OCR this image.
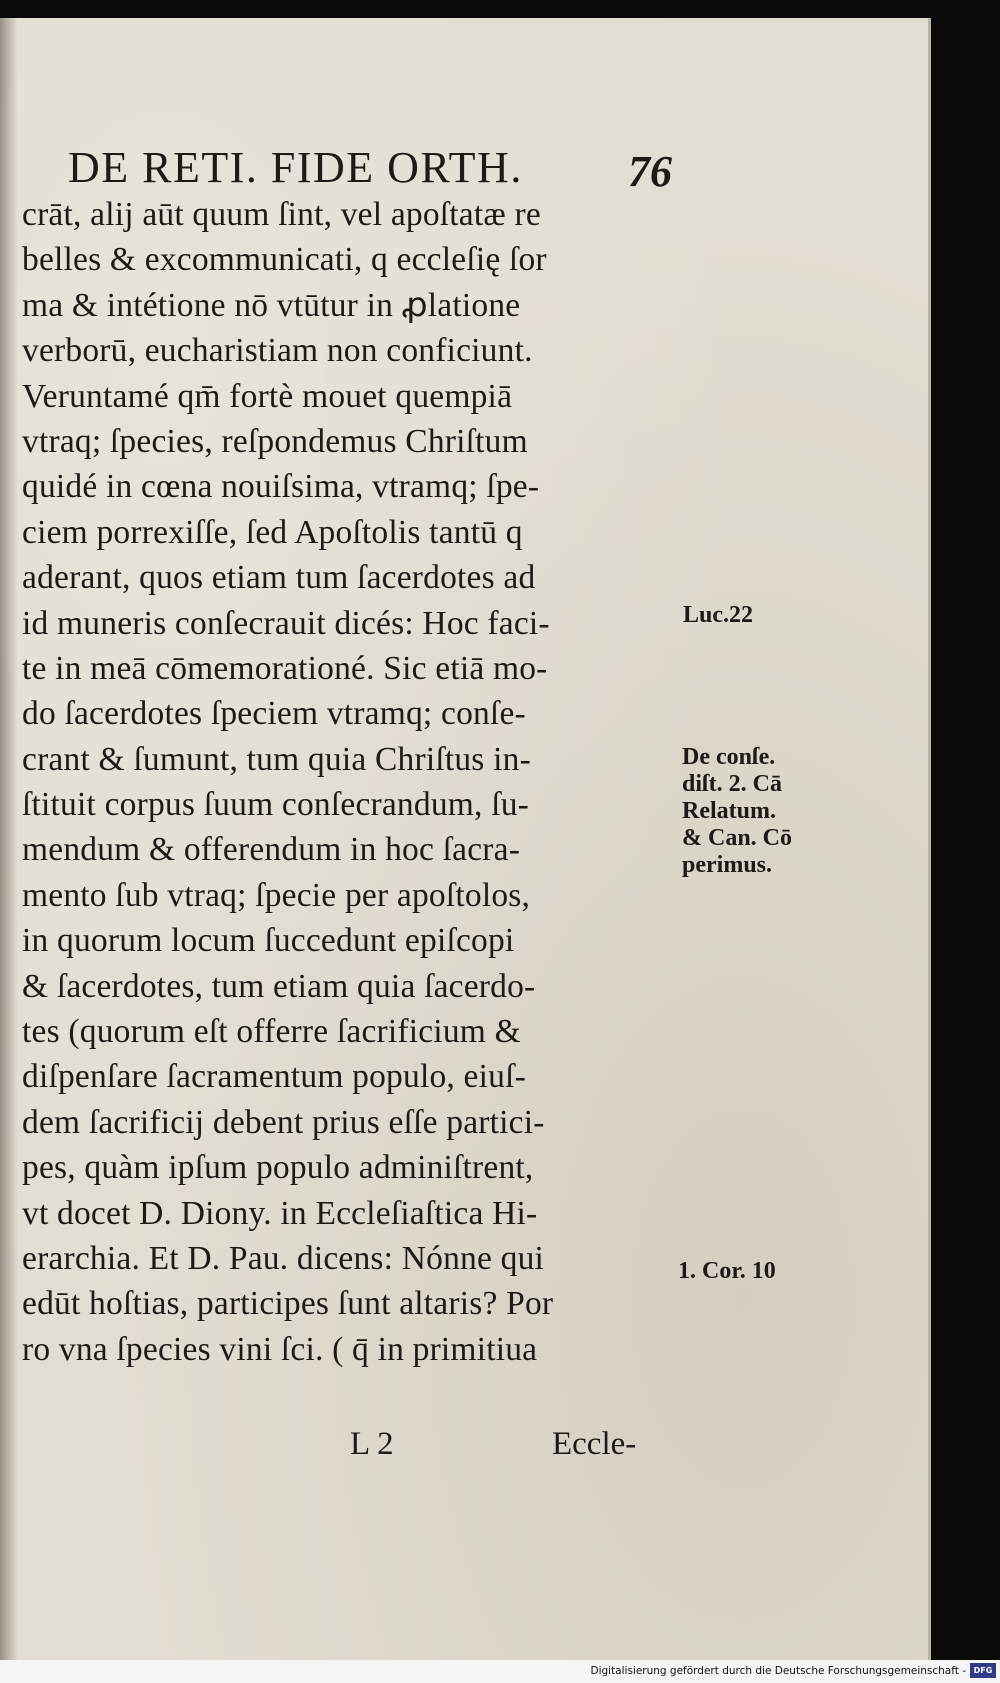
DE RETI. FIDE ORTH. 76
crāt, alij aūt quum ſint, vel apoſtatæ re
belles & excommunicati, q eccleſię ſor
ma & intétione nō vtūtur in ꝓlatione
verborū, eucharistiam non conficiunt.
Veruntamé qm̄ fortè mouet quempiā
vtraq; ſpecies, reſpondemus Chriſtum
quidé in cœna nouiſsima, vtramq; ſpe-
ciem porrexiſſe, ſed Apoſtolis tantū q
aderant, quos etiam tum ſacerdotes ad
id muneris conſecrauit dicés: Hoc faci-
te in meā cōmemorationé. Sic etiā mo-
do ſacerdotes ſpeciem vtramq; conſe-
crant & ſumunt, tum quia Chriſtus in-
ſtituit corpus ſuum conſecrandum, ſu-
mendum & offerendum in hoc ſacra-
mento ſub vtraq; ſpecie per apoſtolos,
in quorum locum ſuccedunt epiſcopi
& ſacerdotes, tum etiam quia ſacerdo-
tes (quorum eſt offerre ſacrificium &
diſpenſare ſacramentum populo, eiuſ-
dem ſacrificij debent prius eſſe partici-
pes, quàm ipſum populo adminiſtrent,
vt docet D. Diony. in Eccleſiaſtica Hi-
erarchia. Et D. Pau. dicens: Nónne qui
edūt hoſtias, participes ſunt altaris? Por
ro vna ſpecies vini ſci. ( q̄ in primitiua
L 2	Eccle-
Luc.22
De conſe.
diſt. 2. Cā
Relatum.
& Can. Cō
perimus.
1. Cor. 10
Digitalisierung gefördert durch die Deutsche Forschungsgemeinschaft - DFG
